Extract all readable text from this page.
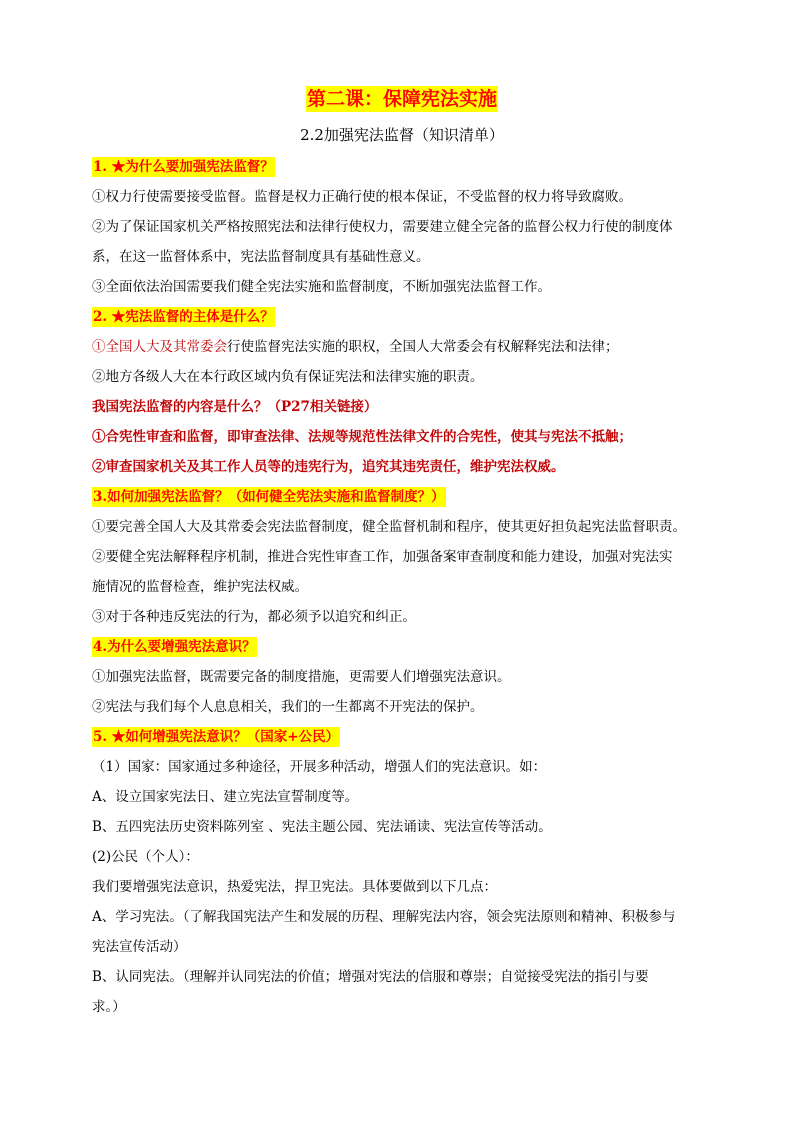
第二课：保障宪法实施
2.2加强宪法监督（知识清单）
1. ★为什么要加强宪法监督？
①权力行使需要接受监督。监督是权力正确行使的根本保证，不受监督的权力将导致腐败。
②为了保证国家机关严格按照宪法和法律行使权力，需要建立健全完备的监督公权力行使的制度体
系，在这一监督体系中，宪法监督制度具有基础性意义。
③全面依法治国需要我们健全宪法实施和监督制度，不断加强宪法监督工作。
2. ★宪法监督的主体是什么？
①全国人大及其常委会行使监督宪法实施的职权，全国人大常委会有权解释宪法和法律；
②地方各级人大在本行政区域内负有保证宪法和法律实施的职责。
我国宪法监督的内容是什么？（P27相关链接）
①合宪性审查和监督，即审查法律、法规等规范性法律文件的合宪性，使其与宪法不抵触；
②审查国家机关及其工作人员等的违宪行为，追究其违宪责任，维护宪法权威。
3.如何加强宪法监督？（如何健全宪法实施和监督制度？）
①要完善全国人大及其常委会宪法监督制度，健全监督机制和程序，使其更好担负起宪法监督职责。
②要健全宪法解释程序机制，推进合宪性审查工作，加强备案审查制度和能力建设，加强对宪法实
施情况的监督检查，维护宪法权威。
③对于各种违反宪法的行为，都必须予以追究和纠正。
4.为什么要增强宪法意识？
①加强宪法监督，既需要完备的制度措施，更需要人们增强宪法意识。
②宪法与我们每个人息息相关，我们的一生都离不开宪法的保护。
5. ★如何增强宪法意识？（国家+公民）
（1）国家：国家通过多种途径，开展多种活动，增强人们的宪法意识。如：
A、设立国家宪法日、建立宪法宣誓制度等。
B、五四宪法历史资料陈列室 、宪法主题公园、宪法诵读、宪法宣传等活动。
(2)公民（个人）：
我们要增强宪法意识，热爱宪法，捍卫宪法。具体要做到以下几点：
A、学习宪法。（了解我国宪法产生和发展的历程、理解宪法内容，领会宪法原则和精神、积极参与
宪法宣传活动）
B、认同宪法。（理解并认同宪法的价值；增强对宪法的信服和尊崇；自觉接受宪法的指引与要
求。）
